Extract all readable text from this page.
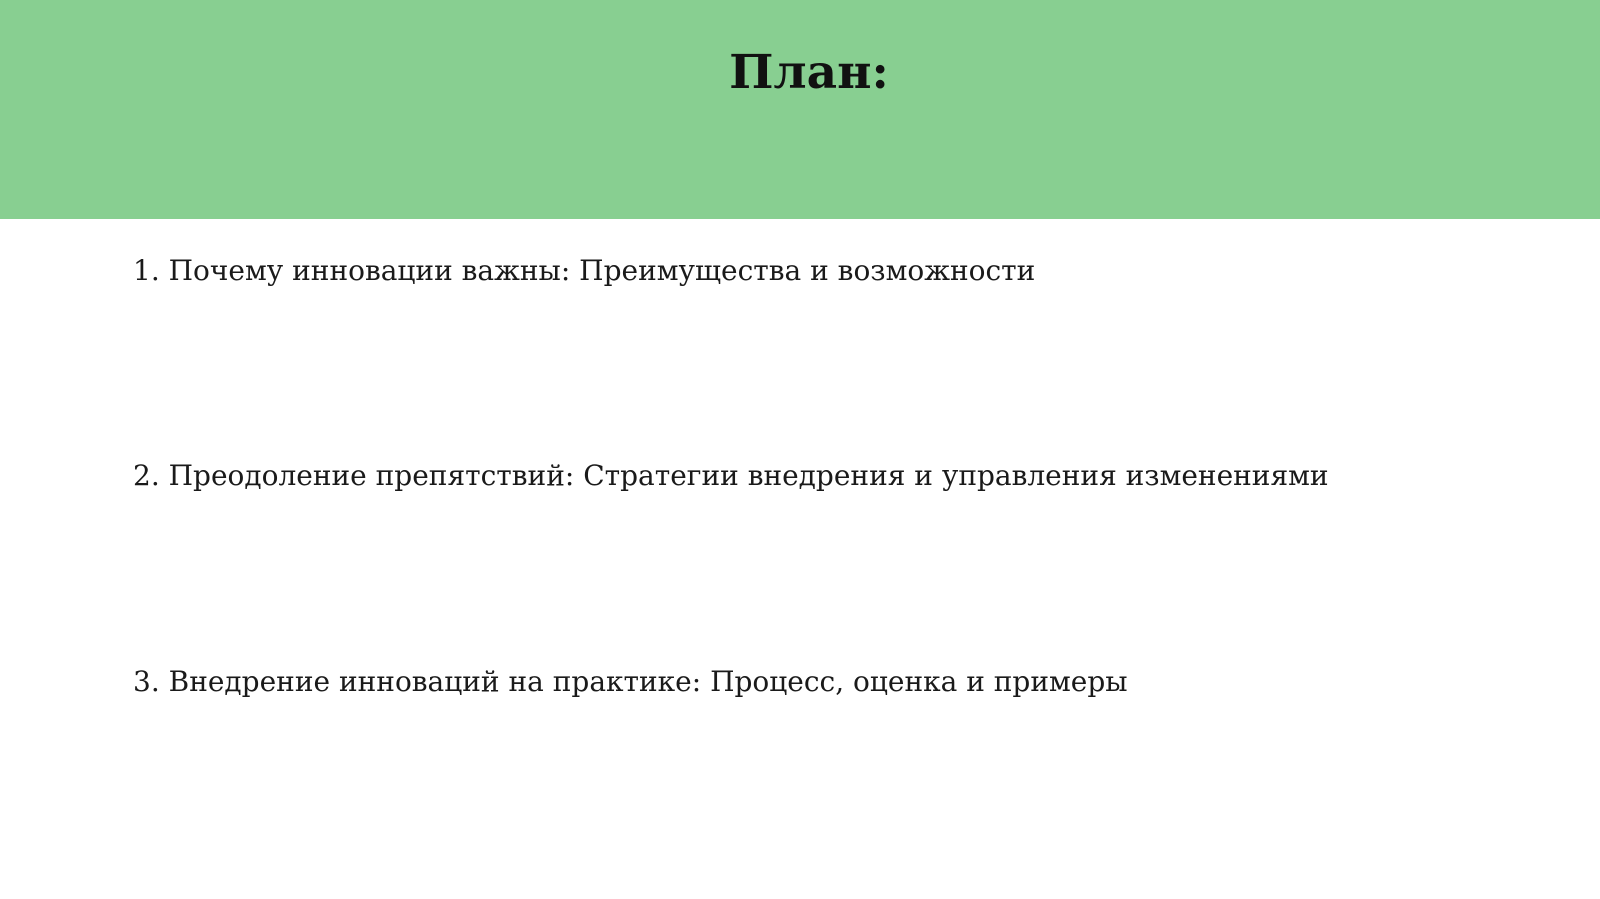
План:
1. Почему инновации важны: Преимущества и возможности
2. Преодоление препятствий: Стратегии внедрения и управления изменениями
3. Внедрение инноваций на практике: Процесс, оценка и примеры
